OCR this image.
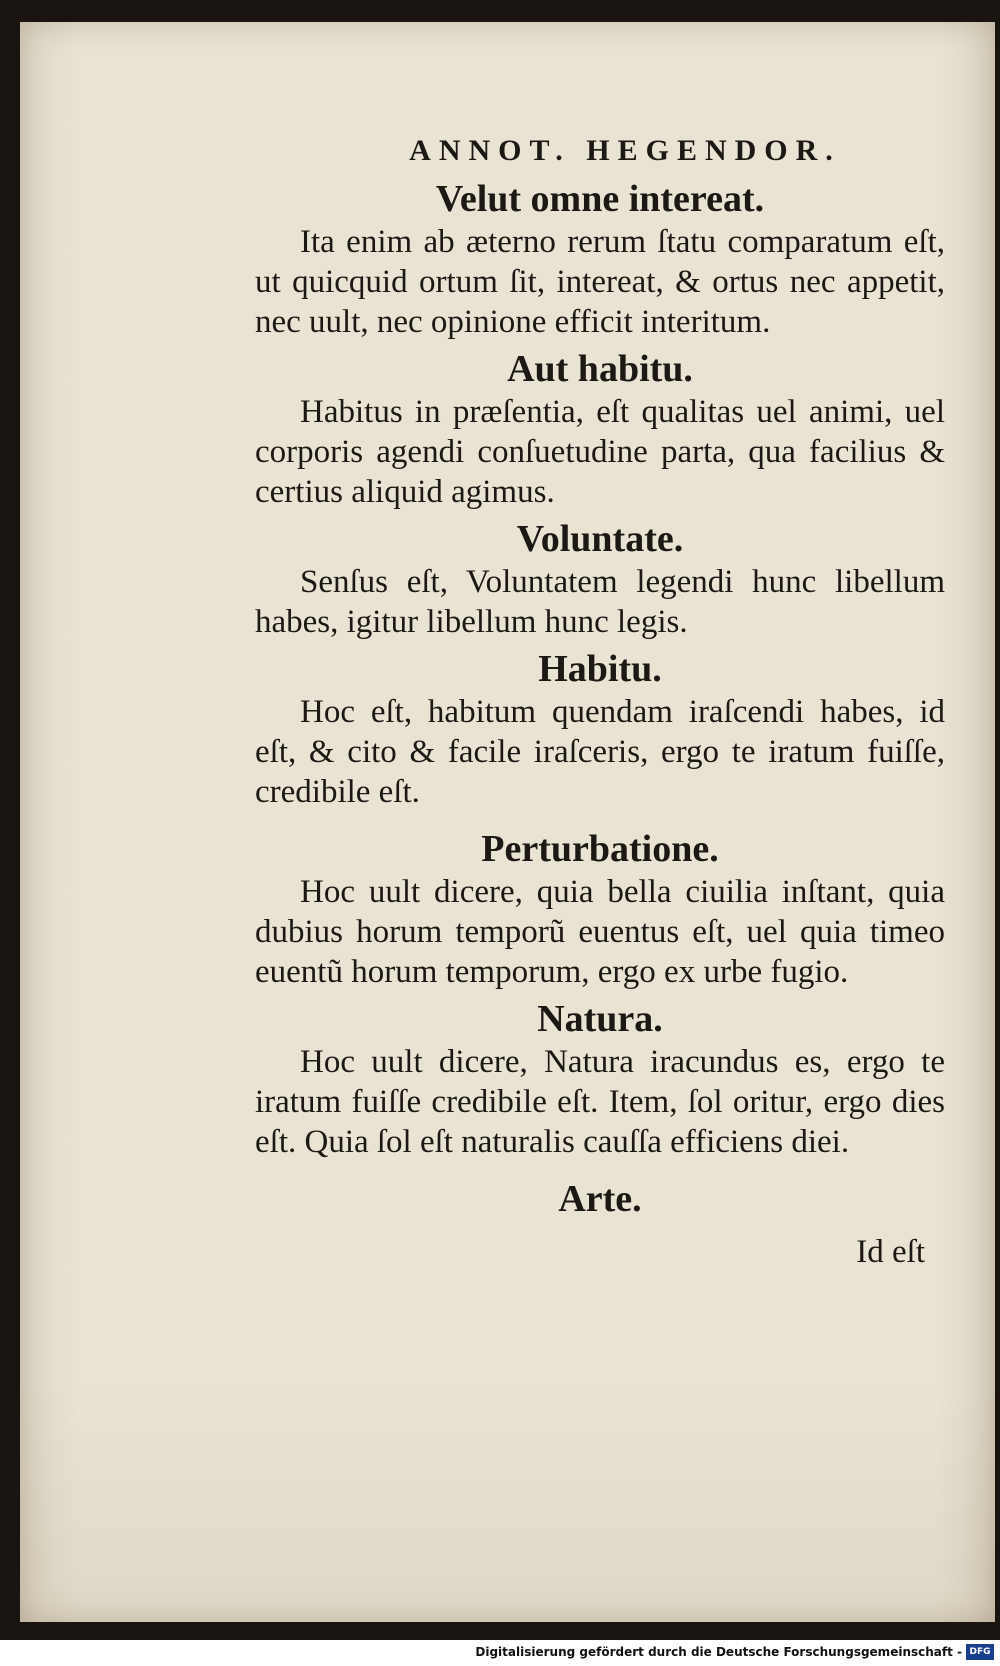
ANNOT. HEGENDOR.
Velut omne intereat.

Ita enim ab æterno rerum ſtatu comparatum eſt, ut quicquid ortum ſit, intereat, & ortus nec appetit, nec uult, nec opinione efficit interitum.

Aut habitu.

Habitus in præſentia, eſt qualitas uel animi, uel corporis agendi conſuetudine parta, qua facilius & certius aliquid agimus.

Voluntate.

Senſus eſt, Voluntatem legendi hunc libellum habes, igitur libellum hunc legis.

Habitu.

Hoc eſt, habitum quendam iraſcendi habes, id eſt, & cito & facile iraſceris, ergo te iratum fuiſſe, credibile eſt.

Perturbatione.

Hoc uult dicere, quia bella ciuilia inſtant, quia dubius horum temporũ euentus eſt, uel quia timeo euentũ horum temporum, ergo ex urbe fugio.

Natura.

Hoc uult dicere, Natura iracundus es, ergo te iratum fuiſſe credibile eſt. Item, ſol oritur, ergo dies eſt. Quia ſol eſt naturalis cauſſa efficiens diei.

Arte.
Id eſt
Digitalisierung gefördert durch die Deutsche Forschungsgemeinschaft - DFG
